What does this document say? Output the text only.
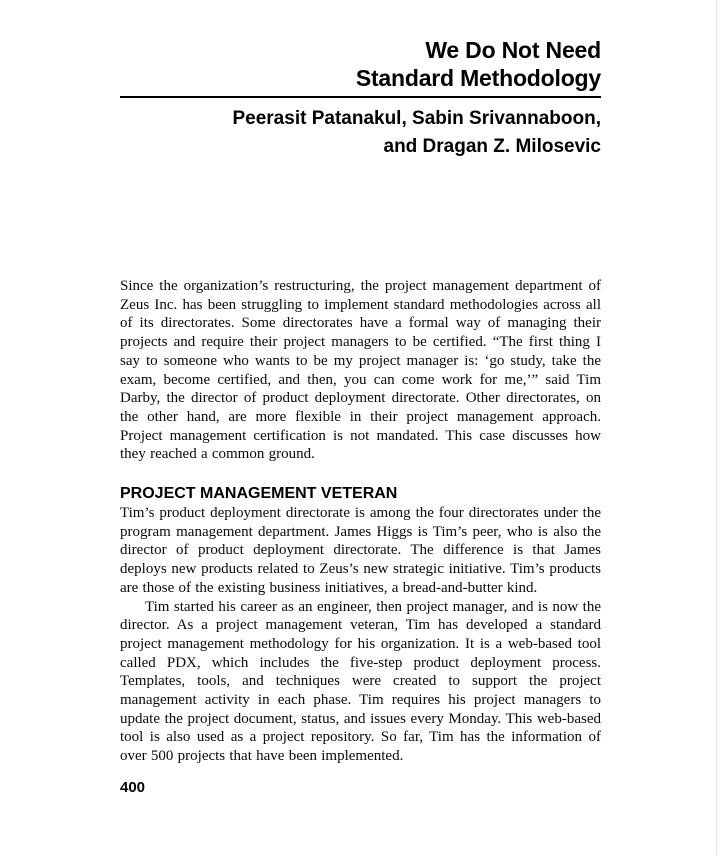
We Do Not Need
Standard Methodology
Peerasit Patanakul, Sabin Srivannaboon,
and Dragan Z. Milosevic

Since the organization’s restructuring, the project management department of Zeus Inc. has been struggling to implement standard methodologies across all of its directorates. Some directorates have a formal way of managing their projects and require their project managers to be certified. “The first thing I say to someone who wants to be my project manager is: ‘go study, take the exam, become certified, and then, you can come work for me,’” said Tim Darby, the director of product deployment directorate. Other directorates, on the other hand, are more flexible in their project management approach. Project management certification is not mandated. This case discusses how they reached a common ground.

PROJECT MANAGEMENT VETERAN

Tim’s product deployment directorate is among the four directorates under the program management department. James Higgs is Tim’s peer, who is also the director of product deployment directorate. The difference is that James deploys new products related to Zeus’s new strategic initiative. Tim’s products are those of the existing business initiatives, a bread-and-butter kind.

Tim started his career as an engineer, then project manager, and is now the director. As a project management veteran, Tim has developed a standard project management methodology for his organization. It is a web-based tool called PDX, which includes the five-step product deployment process. Templates, tools, and techniques were created to support the project management activity in each phase. Tim requires his project managers to update the project document, status, and issues every Monday. This web-based tool is also used as a project repository. So far, Tim has the information of over 500 projects that have been implemented.

400
